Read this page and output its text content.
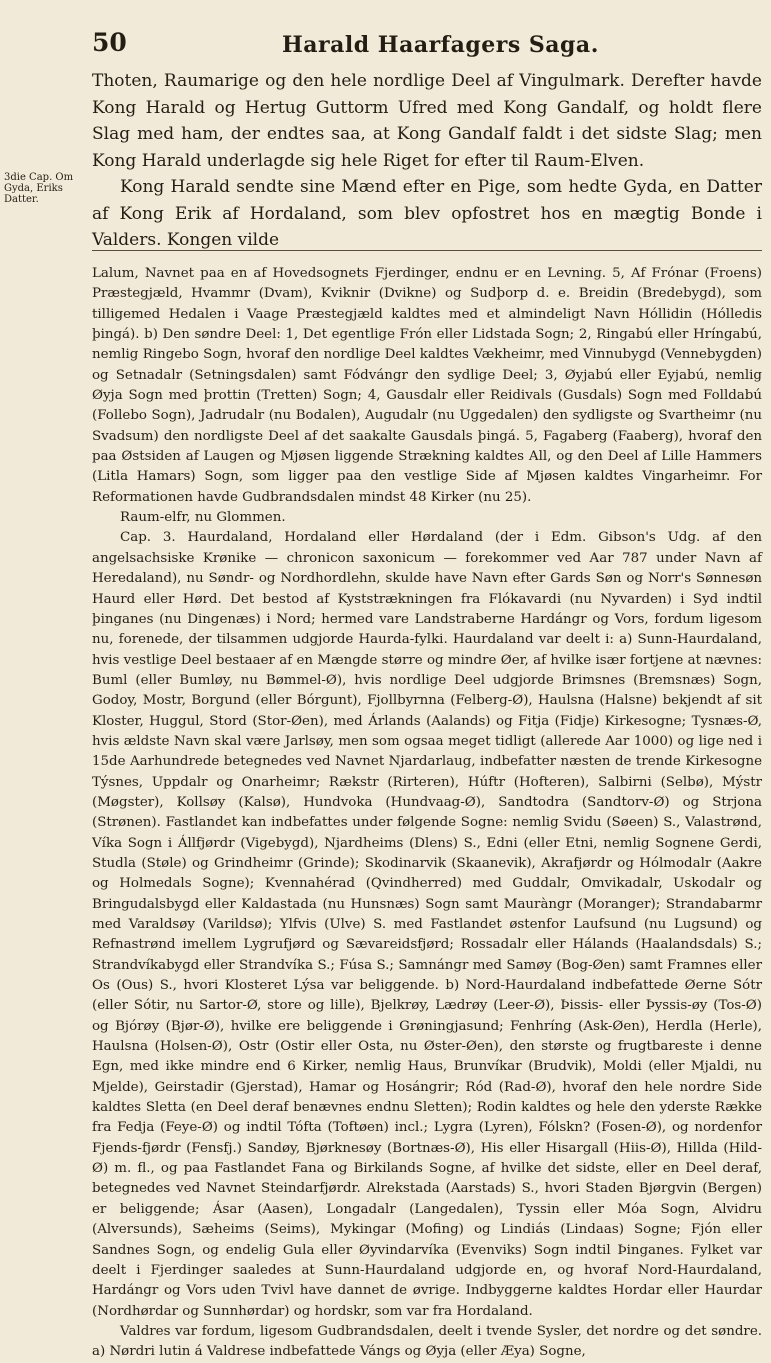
50	Harald Haarfagers Saga.
3die Cap. Om Gyda, Eriks Datter.

Thoten, Raumarige og den hele nordlige Deel af Vingulmark. Derefter havde Kong Harald og Hertug Guttorm Ufred med Kong Gandalf, og holdt flere Slag med ham, der endtes saa, at Kong Gandalf faldt i det sidste Slag; men Kong Harald underlagde sig hele Riget for efter til Raum-Elven.

Kong Harald sendte sine Mænd efter en Pige, som hedte Gyda, en Datter af Kong Erik af Hordaland, som blev opfostret hos en mægtig Bonde i Valders. Kongen vilde

Lalum, Navnet paa en af Hovedsognets Fjerdinger, endnu er en Levning. 5, Af Frónar (Froens) Præstegjæld, Hvammr (Dvam), Kviknir (Dvikne) og Sudþorp d. e. Breidin (Bredebygd), som tilligemed Hedalen i Vaage Præstegjæld kaldtes med et almindeligt Navn Hóllidin (Hólledis þingá). b) Den søndre Deel: 1, Det egentlige Frón eller Lidstada Sogn; 2, Ringabú eller Hríngabú, nemlig Ringebo Sogn, hvoraf den nordlige Deel kaldtes Vækheimr, med Vinnubygd (Vennebygden) og Setnadalr (Setningsdalen) samt Fódvángr den sydlige Deel; 3, Øyjabú eller Eyjabú, nemlig Øyja Sogn med þrottin (Tretten) Sogn; 4, Gausdalr eller Reidivals (Gusdals) Sogn med Folldabú (Follebo Sogn), Jadrudalr (nu Bodalen), Augudalr (nu Uggedalen) den sydligste og Svartheimr (nu Svadsum) den nordligste Deel af det saakalte Gausdals þingá. 5, Fagaberg (Faaberg), hvoraf den paa Østsiden af Laugen og Mjøsen liggende Strækning kaldtes All, og den Deel af Lille Hammers (Litla Hamars) Sogn, som ligger paa den vestlige Side af Mjøsen kaldtes Vingarheimr. For Reformationen havde Gudbrandsdalen mindst 48 Kirker (nu 25).

Raum-elfr, nu Glommen.

Cap. 3. Haurdaland, Hordaland eller Hørdaland (der i Edm. Gibson's Udg. af den angelsachsiske Krønike — chronicon saxonicum — forekommer ved Aar 787 under Navn af Heredaland), nu Søndr- og Nordhordlehn, skulde have Navn efter Gards Søn og Norr's Sønnesøn Haurd eller Hørd. Det bestod af Kyststrækningen fra Flókavardi (nu Nyvarden) i Syd indtil þinganes (nu Dingenæs) i Nord; hermed vare Landstraberne Hardángr og Vors, fordum ligesom nu, forenede, der tilsammen udgjorde Haurda-fylki. Haurdaland var deelt i: a) Sunn-Haurdaland, hvis vestlige Deel bestaaer af en Mængde større og mindre Øer, af hvilke især fortjene at nævnes: Buml (eller Bumløy, nu Bømmel-Ø), hvis nordlige Deel udgjorde Brimsnes (Bremsnæs) Sogn, Godoy, Mostr, Borgund (eller Bórgunt), Fjollbyrnna (Felberg-Ø), Haulsna (Halsne) bekjendt af sit Kloster, Huggul, Stord (Stor-Øen), med Árlands (Aalands) og Fitja (Fidje) Kirkesogne; Tysnæs-Ø, hvis ældste Navn skal være Jarlsøy, men som ogsaa meget tidligt (allerede Aar 1000) og lige ned i 15de Aarhundrede betegnedes ved Navnet Njardarlaug, indbefatter næsten de trende Kirkesogne Týsnes, Uppdalr og Onarheimr; Rækstr (Rirteren), Húftr (Hofteren), Salbirni (Selbø), Mýstr (Møgster), Kollsøy (Kalsø), Hundvoka (Hundvaag-Ø), Sandtodra (Sandtorv-Ø) og Strjona (Strønen). Fastlandet kan indbefattes under følgende Sogne: nemlig Svidu (Søeen) S., Valastrønd, Víka Sogn i Állfjørdr (Vigebygd), Njardheims (Dlens) S., Edni (eller Etni, nemlig Sognene Gerdi, Studla (Støle) og Grindheimr (Grinde); Skodinarvik (Skaanevik), Akrafjørdr og Hólmodalr (Aakre og Holmedals Sogne); Kvennahérad (Qvindherred) med Guddalr, Omvikadalr, Uskodalr og Bringudalsbygd eller Kaldastada (nu Hunsnæs) Sogn samt Mauràngr (Moranger); Strandabarmr med Varaldsøy (Varildsø); Ylfvis (Ulve) S. med Fastlandet østenfor Laufsund (nu Lugsund) og Refnastrønd imellem Lygrufjørd og Sævareidsfjørd; Rossadalr eller Hálands (Haalandsdals) S.; Strandvíkabygd eller Strandvíka S.; Fúsa S.; Samnángr med Samøy (Bog-Øen) samt Framnes eller Os (Ous) S., hvori Klosteret Lýsa var beliggende. b) Nord-Haurdaland indbefattede Øerne Sótr (eller Sótir, nu Sartor-Ø, store og lille), Bjelkrøy, Lædrøy (Leer-Ø), Þissis- eller Þyssis-øy (Tos-Ø) og Bjórøy (Bjør-Ø), hvilke ere beliggende i Grøningjasund; Fenhríng (Ask-Øen), Herdla (Herle), Haulsna (Holsen-Ø), Ostr (Ostir eller Osta, nu Øster-Øen), den største og frugtbareste i denne Egn, med ikke mindre end 6 Kirker, nemlig Haus, Brunvíkar (Brudvik), Moldi (eller Mjaldi, nu Mjelde), Geirstadir (Gjerstad), Hamar og Hosángrir; Ród (Rad-Ø), hvoraf den hele nordre Side kaldtes Sletta (en Deel deraf benævnes endnu Sletten); Rodin kaldtes og hele den yderste Række fra Fedja (Feye-Ø) og indtil Tófta (Toftøen) incl.; Lygra (Lyren), Fólskn? (Fosen-Ø), og nordenfor Fjends-fjørdr (Fensfj.) Sandøy, Bjørknesøy (Bortnæs-Ø), His eller Hisargall (Hiis-Ø), Hillda (Hild-Ø) m. fl., og paa Fastlandet Fana og Birkilands Sogne, af hvilke det sidste, eller en Deel deraf, betegnedes ved Navnet Steindarfjørdr. Alrekstada (Aarstads) S., hvori Staden Bjørgvin (Bergen) er beliggende; Ásar (Aasen), Longadalr (Langedalen), Tyssin eller Móa Sogn, Alvidru (Alversunds), Sæheims (Seims), Mykingar (Mofing) og Lindiás (Lindaas) Sogne; Fjón eller Sandnes Sogn, og endelig Gula eller Øyvindarvíka (Evenviks) Sogn indtil Þinganes. Fylket var deelt i Fjerdinger saaledes at Sunn-Haurdaland udgjorde en, og hvoraf Nord-Haurdaland, Hardángr og Vors uden Tvivl have dannet de øvrige. Indbyggerne kaldtes Hordar eller Haurdar (Nordhørdar og Sunnhørdar) og hordskr, som var fra Hordaland.

Valdres var fordum, ligesom Gudbrandsdalen, deelt i tvende Sysler, det nordre og det søndre. a) Nørdri lutin á Valdrese indbefattede Vángs og Øyja (eller Æya) Sogne,
